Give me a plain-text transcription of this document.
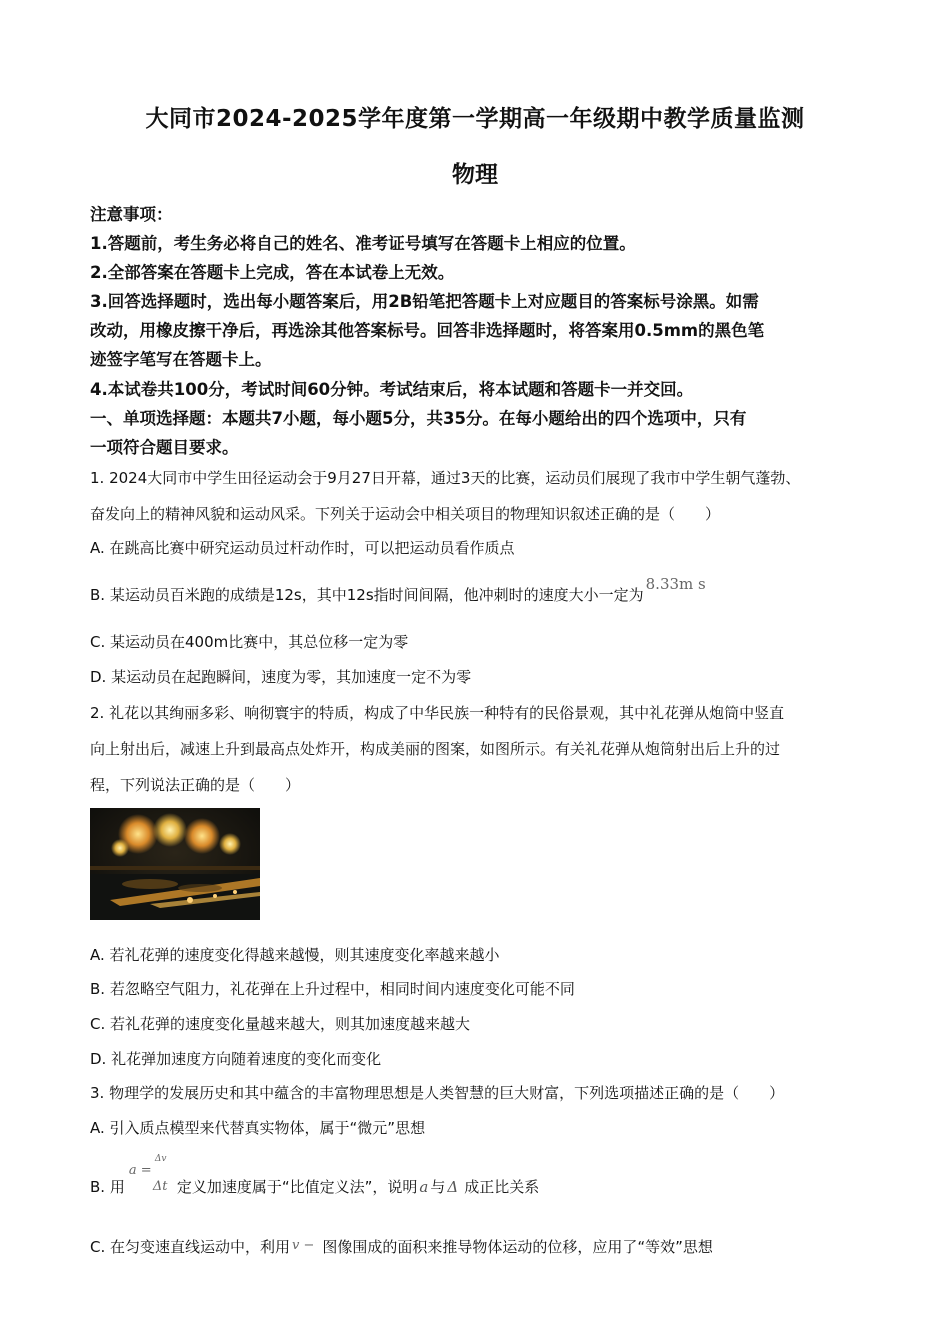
大同市2024-2025学年度第一学期高一年级期中教学质量监测
物理
注意事项：
1.答题前，考生务必将自己的姓名、准考证号填写在答题卡上相应的位置。
2.全部答案在答题卡上完成，答在本试卷上无效。
3.回答选择题时，选出每小题答案后，用2B铅笔把答题卡上对应题目的答案标号涂黑。如需
改动，用橡皮擦干净后，再选涂其他答案标号。回答非选择题时，将答案用0.5mm的黑色笔
迹签字笔写在答题卡上。
4.本试卷共100分，考试时间60分钟。考试结束后，将本试题和答题卡一并交回。
一、单项选择题：本题共7小题，每小题5分，共35分。在每小题给出的四个选项中，只有
一项符合题目要求。
1. 2024大同市中学生田径运动会于9月27日开幕，通过3天的比赛，运动员们展现了我市中学生朝气蓬勃、
奋发向上的精神风貌和运动风采。下列关于运动会中相关项目的物理知识叙述正确的是（　　）
A. 在跳高比赛中研究运动员过杆动作时，可以把运动员看作质点
B. 某运动员百米跑的成绩是12s，其中12s指时间间隔，他冲刺时的速度大小一定为8.33m s
C. 某运动员在400m比赛中，其总位移一定为零
D. 某运动员在起跑瞬间，速度为零，其加速度一定不为零
2. 礼花以其绚丽多彩、响彻寰宇的特质，构成了中华民族一种特有的民俗景观，其中礼花弹从炮筒中竖直
向上射出后，减速上升到最高点处炸开，构成美丽的图案，如图所示。有关礼花弹从炮筒射出后上升的过
程，下列说法正确的是（　　）
A. 若礼花弹的速度变化得越来越慢，则其速度变化率越来越小
B. 若忽略空气阻力，礼花弹在上升过程中，相同时间内速度变化可能不同
C. 若礼花弹的速度变化量越来越大，则其加速度越来越大
D. 礼花弹加速度方向随着速度的变化而变化
3. 物理学的发展历史和其中蕴含的丰富物理思想是人类智慧的巨大财富，下列选项描述正确的是（　　）
A. 引入质点模型来代替真实物体，属于“微元”思想
B. 用
a =
Δv
Δt 定义加速度属于“比值定义法”，说明 a 与 Δ 成正比关系
C. 在匀变速直线运动中，利用 v − 图像围成的面积来推导物体运动的位移，应用了“等效”思想
